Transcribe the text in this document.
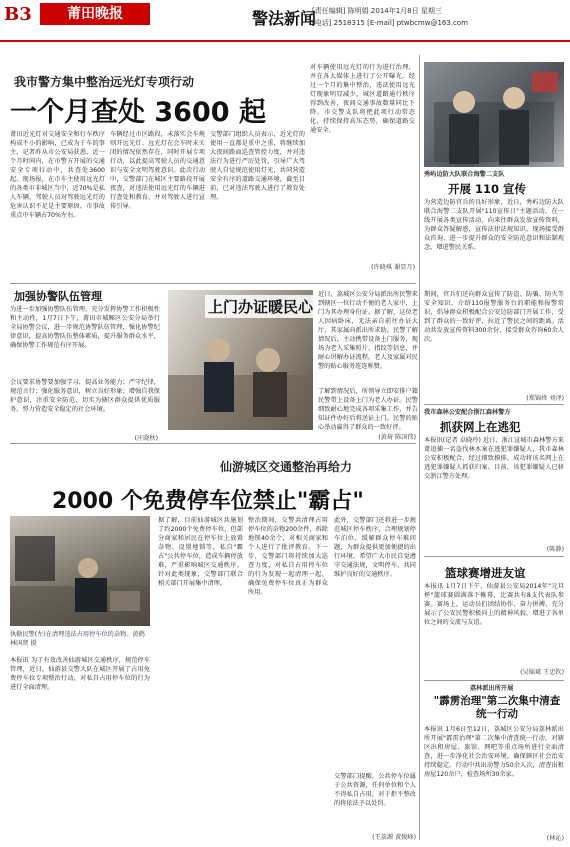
B3	莆田晚报	警法新闻
[责任编辑] 陈明娟 2014年1月8日 星期三
[电话] 2518315 [E-mail] ptwbcmw@163.com
我市警方集中整治远光灯专项行动
一个月查处 3600 起
莆田近光灯对交通安全和行车秩序构成不小的影响，已成为于车的事主，记者昨从市公安局获悉，近一个月时间内，在市警方开展的交通安全专项行动中，共查处3600起。现场报，在市车主使用远光灯的各类市非城区当中，近70%是私人车辆、驾驶人员对驾驶远光灯的危害认识不足是主要原因。市事故重点中车辆占70%左右。
车辆经过市区路段，未落实会车规则开远光灯、远光灯在会车时未关闭的情况依然存在，同时开展专项行动，以此提高驾驶人员的交通意识与安全文明驾驶意识。此次行动中，交警部门在城区主要路段开展夜查，对违法使用远光灯的车辆进行查处和教育，并对驾驶人进行宣传引导。
交警部门组织人员表示，近光灯的使用一直都是重中之重，将继续加大夜间路面巡查管控力度，并对违法行为进行严厉处罚，引导广大驾驶人自觉规范使用灯光，共同营造安全有序的道路交通环境，截至目前，已对违法驾驶人进行了教育处理。
对车辆使用远光灯的行为进行治理，并在各大媒体上进行了公开曝光。经过一个月的集中整治，违法使用远光灯现象明显减少，城区道路通行秩序得到改善，夜间交通事故数量同比下降。市交警支队将把此项行动常态化，持续保持高压态势，确保道路交通安全。
(许晓琪 谢显月)
秀屿边防大队联合海警二支队
开展 110 宣传
为营造边防官兵的良好形象，近日，秀屿边防大队联合海警二支队开展"110宣传日"主题活动，在一线开展各类宣传活动，向来往群众发放宣传资料，为群众答疑解惑，宣传法律法规知识，现场接受群众咨询，进一步提升群众的安全防范意识和法制观念，增进警民关系。
期间，官兵们还向群众宣传了防盗、防骗、防火等安全知识，介绍110报警服务台的职能和报警常识，倡导群众积极配合公安边防部门开展工作，受到了群众的一致好评，拉近了警民之间的距离。活动共发放宣传资料300余份，接受群众咨询60余人次。
(郑锦烽 刘泽)
加强协警队伍管理
为进一步加强协警队伍管理，充分发挥协警工作积极性和主动性，1月7日下午，莆田市城厢区公安分局举行全局协警会议，进一步规范协警队伍管理，强化协警纪律意识，提高协警队伍整体素质，提升服务群众水平，确保协警工作规范有序开展。
会议要求协警要加强学习，提高业务能力；严守纪律，规范言行；强化服务意识，树立良好形象；增强自我保护意识，注重安全防范，切实为辖区群众提供优质服务，努力营造安全稳定的社会环境。
(庄晓秋)
上门办证暖民心
近日，荔城区公安分局派出所民警来到辖区一位行动不便的老人家中，上门为其办理身份证。据了解，这位老人因病卧床，无法亲自前往办证大厅，其家属向派出所求助。民警了解情况后，主动携带设备上门服务，现场为老人采集照片、指纹等信息，并耐心讲解办证流程。老人及家属对民警的贴心服务连连称赞。
了解到情况后，所领导立即安排户籍民警带上设备上门为老人办证。民警细致耐心地完成各项采集工作，并告知证件办好后将送证上门。民警的贴心举动赢得了群众的一致好评。
(黄琦 陈国伟)
我市森林公安配合浙江森林警方
抓获网上在逃犯
本报讯(记者 卓晓玲) 近日，浙江宣城市森林警方来莆追捕一名盗伐林木案在逃犯罪嫌疑人，我市森林公安积极配合，经过细致摸排，成功将该名网上在逃犯罪嫌疑人抓获归案。目前，该犯罪嫌疑人已移交浙江警方处理。
(陈静)
仙游城区交通整治再给力
2000 个免费停车位禁止"霸占"
执勤民警(左)在清理违法占用停车位的杂物。黄鹤 林国贤 摄
本报讯 为了有效改善仙游城区交通秩序，规范停车管理，近日，仙游县交警大队在城区开展了占用免费停车位专项整治行动，对私自占用停车位的行为进行全面清理。
据了解，目前仙游城区共施划了约2000个免费停车位，但部分商家和居民在停车位上放置杂物、设置地锁等，私自"霸占"公共停车位，造成车辆停放难，严重影响城区交通秩序。针对此类现象，交警部门联合相关部门开展集中清理。
整治期间，交警共清理占用停车位的杂物200余件，拆除地锁40余个，对相关商家和个人进行了批评教育。下一步，交警部门将持续加大巡查力度，对私自占用停车位的行为发现一起清理一起，确保免费停车位真正为群众所用。
此外，交警部门还将进一步规范城区停车秩序，合理规划停车泊位，缓解群众停车难问题，为群众提供更加便捷的出行环境，希望广大市民自觉遵守交通法规，文明停车，共同维护良好的交通秩序。
交警部门提醒，公共停车位属于公共资源，任何单位和个人不得私自占用，对于拒不整改的将依法予以处罚。
(王荔源 黄俊峰)
篮球赛增进友谊
本报讯 1月7日下午，仙游县公安局2014年"元旦杯"篮球赛圆满落下帷幕，比赛共有8支代表队参赛。赛场上，运动员们团结协作、奋力拼搏，充分展示了公安民警积极向上的精神风貌，增进了各单位之间的交流与友谊。
(吴锦斌 王忠钦)
荔林派出所开展
"霹雳治理"第二次集中清查统一行动
本报讯 1月6日至12日，荔城区公安分局荔林派出所开展"霹雳治理"第二次集中清查统一行动，对辖区出租房屋、旅馆、网吧等重点场所进行全面清查，进一步净化社会治安环境，确保辖区社会治安持续稳定。行动中共出动警力50余人次，清查出租房屋120余户，检查场所30余家。
(林沁)
